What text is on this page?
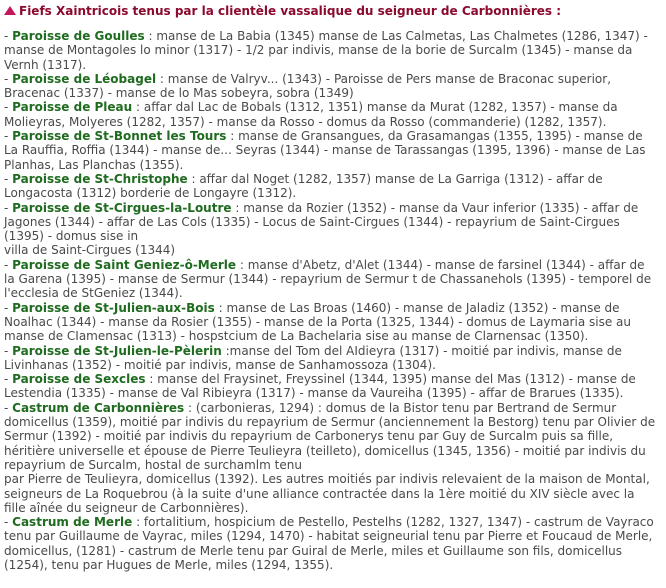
Fiefs Xaintricois tenus par la clientèle vassalique du seigneur de Carbonnières :
- Paroisse de Goulles : manse de La Babia (1345) manse de Las Calmetas, Las Chalmetes (1286, 1347) - manse de Montagoles lo minor (1317) - 1/2 par indivis, manse de la borie de Surcalm (1345) - manse da Vernh (1317).
- Paroisse de Léobagel : manse de Valryv... (1343) - Paroisse de Pers manse de Braconac superior, Bracenac (1337) - manse de lo Mas sobeyra, sobra (1349)
- Paroisse de Pleau : affar dal Lac de Bobals (1312, 1351) manse da Murat (1282, 1357) - manse da Molieyras, Molyeres (1282, 1357) - manse da Rosso - domus da Rosso (commanderie) (1282, 1357).
- Paroisse de St-Bonnet les Tours : manse de Gransangues, da Grasamangas (1355, 1395) - manse de La Rauffia, Roffia (1344) - manse de... Seyras (1344) - manse de Tarassangas (1395, 1396) - manse de Las Planhas, Las Planchas (1355).
- Paroisse de St-Christophe : affar dal Noget (1282, 1357) manse de La Garriga (1312) - affar de Longacosta (1312) borderie de Longayre (1312).
- Paroisse de St-Cirgues-la-Loutre : manse da Rozier (1352) - manse da Vaur inferior (1335) - affar de Jagones (1344) - affar de Las Cols (1335) - Locus de Saint-Cirgues (1344) - repayrium de Saint-Cirgues (1395) - domus sise in
villa de Saint-Cirgues (1344)
- Paroisse de Saint Geniez-ô-Merle : manse d'Abetz, d'Alet (1344) - manse de farsinel (1344) - affar de la Garena (1395) - manse de Sermur (1344) - repayrium de Sermur t de Chassanehols (1395) - temporel de l'ecclesia de StGeniez (1344).
- Paroisse de St-Julien-aux-Bois : manse de Las Broas (1460) - manse de Jaladiz (1352) - manse de Noalhac (1344) - manse da Rosier (1355) - manse de la Porta (1325, 1344) - domus de Laymaria sise au manse de CIamensac (1313) - hospstcium de La Bachelaria sise au manse de Clarnensac (1350).
- Paroisse de St-Julien-le-Pèlerin :manse del Tom del AIdieyra (1317) - moitié par indivis, manse de Livinhanas (1352) - moitié par indivis, manse de Sanhamossoza (1304).
- Paroisse de Sexcles : manse del Fraysinet, Freyssinel (1344, 1395) manse del Mas (1312) - manse de Lestendia (1335) - manse de Val Ribieyra (1317) - manse da Vaureiha (1395) - affar de Brarues (1335).
- Castrum de Carbonnières : (carbonieras, 1294) : domus de la Bistor tenu par Bertrand de Sermur domicellus (1359), moitié par indivis du repayrium de Sermur (anciennement la Bestorg) tenu par Olivier de Sermur (1392) - moitié par indivis du repayrium de Carbonerys tenu par Guy de Surcalm puis sa fille, héritière universelle et épouse de Pierre Teulieyra (teilleto), domicellus (1345, 1356) - moitié par indivis du repayrium de Surcalm, hostal de surchamlm tenu
par Pierre de Teulieyra, domicellus (1392). Les autres moitiés par indivis relevaient de la maison de Montal, seigneurs de La Roquebrou (à la suite d'une alliance contractée dans la 1ère moitié du XIV siècle avec la fille aînée du seigneur de Carbonnières).
- Castrum de Merle : fortalitium, hospicium de Pestello, Pestelhs (1282, 1327, 1347) - castrum de Vayraco tenu par Guillaume de Vayrac, miles (1294, 1470) - habitat seigneurial tenu par Pierre et Foucaud de Merle, domicellus, (1281) - castrum de Merle tenu par Guiral de Merle, miles et Guillaume son fils, domicellus (1254), tenu par Hugues de Merle, miles (1294, 1355).
